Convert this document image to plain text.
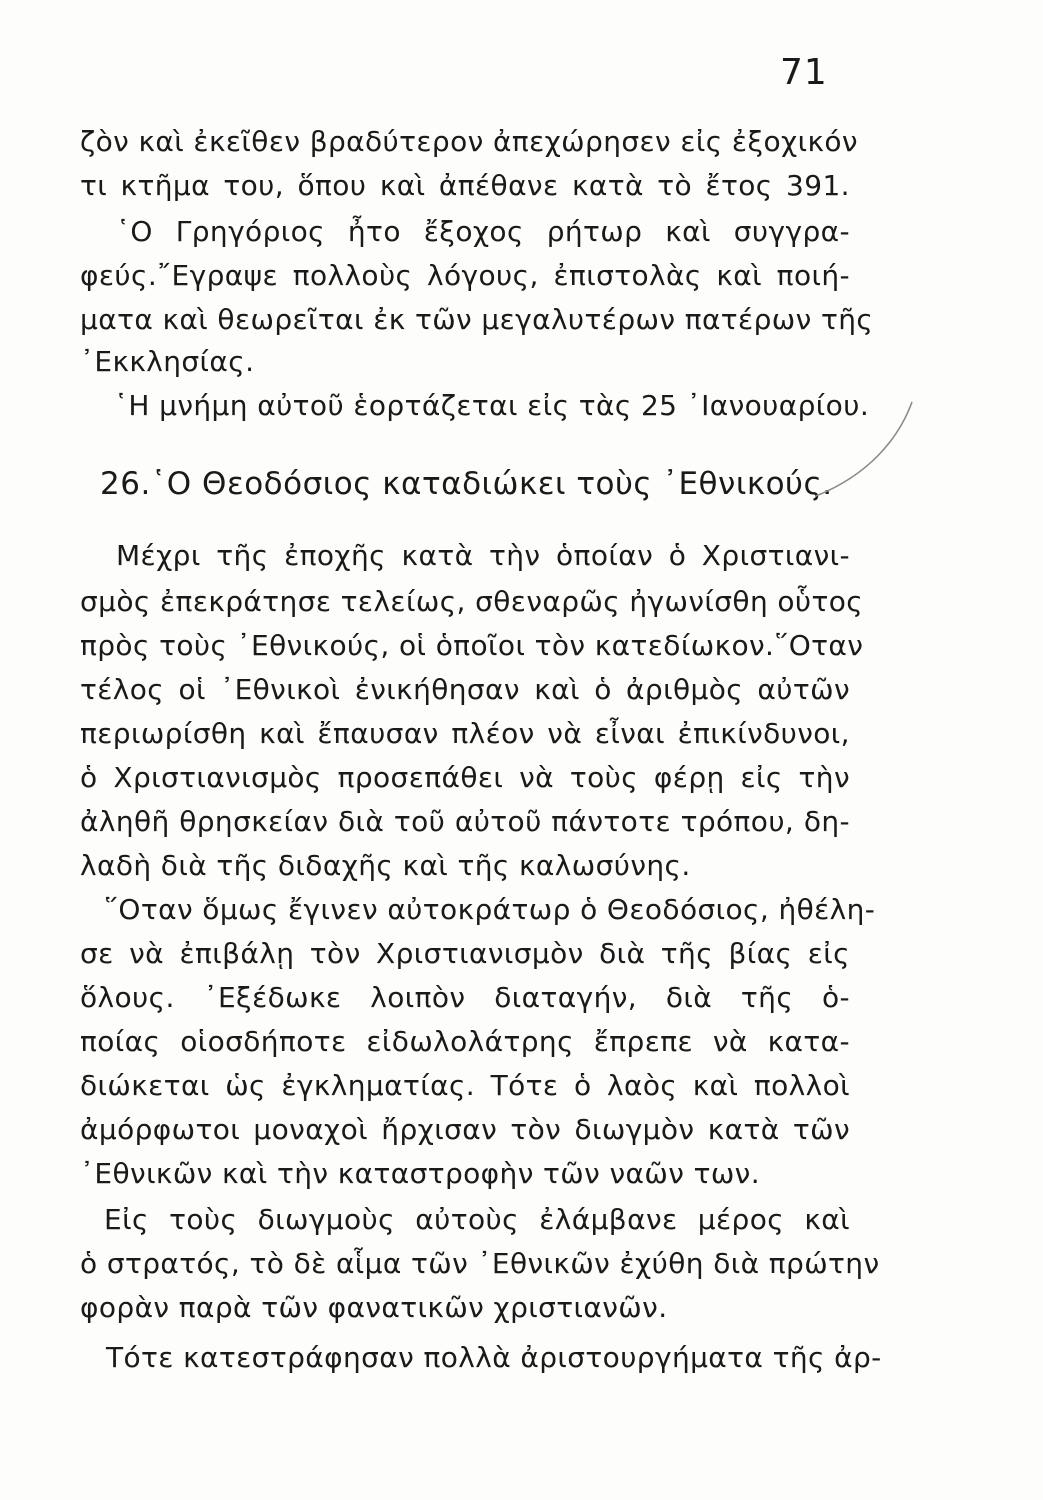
71
ζὸν καὶ ἐκεῖθεν βραδύτερον ἀπεχώρησεν εἰς ἐξοχικόν
τι κτῆμα του, ὅπου καὶ ἀπέθανε κατὰ τὸ ἔτος 391.
῾Ο Γρηγόριος ἦτο ἔξοχος ρήτωρ καὶ συγγρα-
φεύς.῎Εγραψε πολλοὺς λόγους, ἐπιστολὰς καὶ ποιή-
ματα καὶ θεωρεῖται ἐκ τῶν μεγαλυτέρων πατέρων τῆς
᾿Εκκλησίας.
῾Η μνήμη αὐτοῦ ἑορτάζεται εἰς τὰς 25 ᾿Ιανουαρίου.
26.῾Ο Θεοδόσιος καταδιώκει τοὺς ᾿Εθνικούς.
Μέχρι τῆς ἐποχῆς κατὰ τὴν ὁποίαν ὁ Χριστιανι-
σμὸς ἐπεκράτησε τελείως, σθεναρῶς ἠγωνίσθη οὗτος
πρὸς τοὺς ᾿Εθνικούς, οἱ ὁποῖοι τὸν κατεδίωκον.῞Οταν
τέλος οἱ ᾿Εθνικοὶ ἐνικήθησαν καὶ ὁ ἀριθμὸς αὐτῶν
περιωρίσθη καὶ ἔπαυσαν πλέον νὰ εἶναι ἐπικίνδυνοι,
ὁ Χριστιανισμὸς προσεπάθει νὰ τοὺς φέρῃ εἰς τὴν
ἀληθῆ θρησκείαν διὰ τοῦ αὐτοῦ πάντοτε τρόπου, δη-
λαδὴ διὰ τῆς διδαχῆς καὶ τῆς καλωσύνης.
῞Οταν ὅμως ἔγινεν αὐτοκράτωρ ὁ Θεοδόσιος, ἠθέλη-
σε νὰ ἐπιβάλῃ τὸν Χριστιανισμὸν διὰ τῆς βίας εἰς
ὅλους. ᾿Εξέδωκε λοιπὸν διαταγήν, διὰ τῆς ὁ-
ποίας οἱοσδήποτε εἰδωλολάτρης ἔπρεπε νὰ κατα-
διώκεται ὡς ἐγκληματίας. Τότε ὁ λαὸς καὶ πολλοὶ
ἀμόρφωτοι μοναχοὶ ἤρχισαν τὸν διωγμὸν κατὰ τῶν
᾿Εθνικῶν καὶ τὴν καταστροφὴν τῶν ναῶν των.
Εἰς τοὺς διωγμοὺς αὐτοὺς ἐλάμβανε μέρος καὶ
ὁ στρατός, τὸ δὲ αἷμα τῶν ᾿Εθνικῶν ἐχύθη διὰ πρώτην
φορὰν παρὰ τῶν φανατικῶν χριστιανῶν.
Τότε κατεστράφησαν πολλὰ ἀριστουργήματα τῆς ἀρ-
